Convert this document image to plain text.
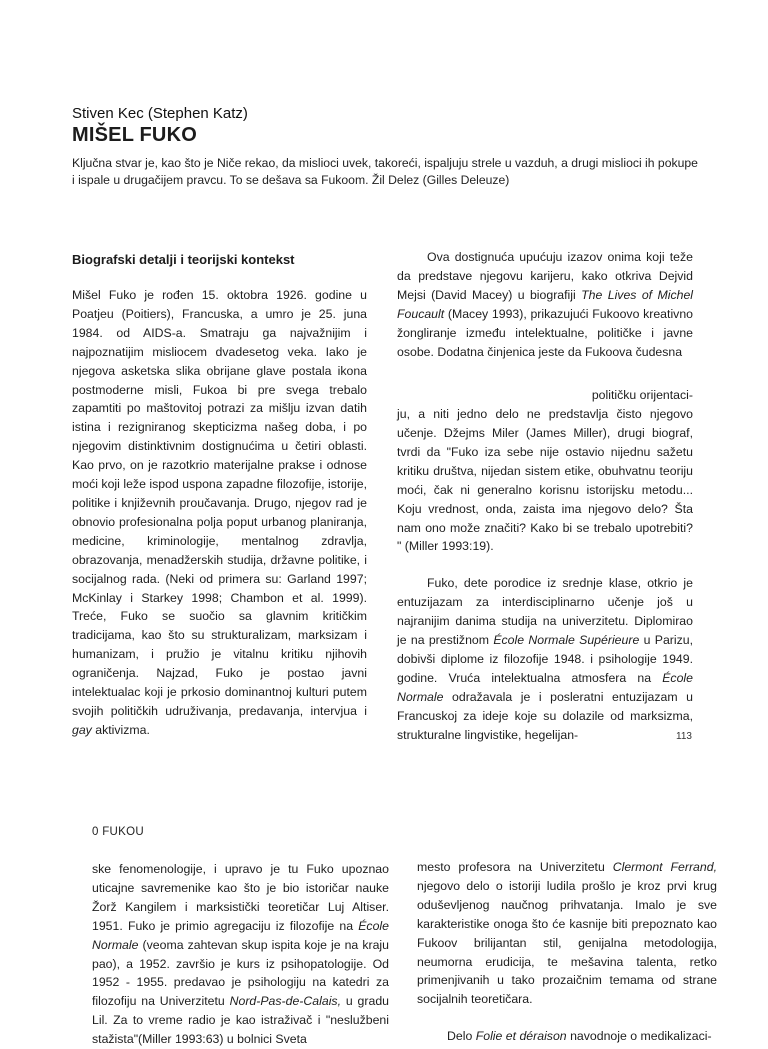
Stiven Kec (Stephen Katz)
MIŠEL FUKO
Ključna stvar je, kao što je Niče rekao, da mislioci uvek, takoreći, ispaljuju strele u vazduh, a drugi mislioci ih pokupe i ispale u drugačijem pravcu. To se dešava sa Fukoom. Žil Delez (Gilles Deleuze)
Biografski detalji i teorijski kontekst

Mišel Fuko je rođen 15. oktobra 1926. godine u Poatjeu (Poitiers), Francuska, a umro je 25. juna 1984. od AIDS-a. Smatraju ga najvažnijim i najpoznatijim misliocem dvadesetog veka. Iako je njegova asketska slika obrijane glave postala ikona postmoderne misli, Fukoa bi pre svega trebalo zapamtiti po maštovitoj potrazi za mišlju izvan datih istina i rezigniranog skepticizma našeg doba, i po njegovim distinktivnim dostignućima u četiri oblasti. Kao prvo, on je razotkrio materijalne prakse i odnose moći koji leže ispod uspona zapadne filozofije, istorije, politike i književnih proučavanja. Drugo, njegov rad je obnovio profesionalna polja poput urbanog planiranja, medicine, kriminologije, mentalnog zdravlja, obrazovanja, menadžerskih studija, državne politike, i socijalnog rada. (Neki od primera su: Garland 1997; McKinlay i Starkey 1998; Chambon et al. 1999). Treće, Fuko se suočio sa glavnim kritičkim tradicijama, kao što su strukturalizam, marksizam i humanizam, i pružio je vitalnu kritiku njihovih ograničenja. Najzad, Fuko je postao javni intelektualac koji je prkosio dominantnoj kulturi putem svojih političkih udruživanja, predavanja, intervjua i gay aktivizma.

Ova dostignuća upućuju izazov onima koji teže da predstave njegovu karijeru, kako otkriva Dejvid Mejsi (David Macey) u biografiji The Lives of Michel Foucault (Macey 1993), prikazujući Fukoovo kreativno žongliranje između intelektualne, političke i javne osobe. Dodatna činjenica jeste da Fukoova čudesna

političku orijentaci-

ju, a niti jedno delo ne predstavlja čisto njegovo učenje. Džejms Miler (James Miller), drugi biograf, tvrdi da "Fuko iza sebe nije ostavio nijednu sažetu kritiku društva, nijedan sistem etike, obuhvatnu teoriju moći, čak ni generalno korisnu istorijsku metodu... Koju vrednost, onda, zaista ima njegovo delo? Šta nam ono može značiti? Kako bi se trebalo upotrebiti? " (Miller 1993:19).

Fuko, dete porodice iz srednje klase, otkrio je entuzijazam za interdisciplinarno učenje još u najranijim danima studija na univerzitetu. Diplomirao je na prestižnom École Normale Supérieure u Parizu, dobivši diplome iz filozofije 1948. i psihologije 1949. godine. Vruća intelektualna atmosfera na École Normale odražavala je i posleratni entuzijazam u Francuskoj za ideje koje su dolazile od marksizma, strukturalne lingvistike, hegelijan-	113
0 FUKOU

ske fenomenologije, i upravo je tu Fuko upoznao uticajne savremenike kao što je bio istoričar nauke Žorž Kangilem i marksistički teoretičar Luj Altiser. 1951. Fuko je primio agregaciju iz filozofije na École Normale (veoma zahtevan skup ispita koje je na kraju pao), a 1952. završio je kurs iz psihopatologije. Od 1952 - 1955. predavao je psihologiju na katedri za filozofiju na Univerzitetu Nord-Pas-de-Calais, u gradu Lil. Za to vreme radio je kao istraživač i "neslužbeni stažista"(Miller 1993:63) u bolnici Sveta

mesto profesora na Univerzitetu Clermont Ferrand, njegovo delo o istoriji ludila prošlo je kroz prvi krug oduševljenog naučnog prihvatanja. Imalo je sve karakteristike onoga što će kasnije biti prepoznato kao Fukoov brilijantan stil, genijalna metodologija, neumorna erudicija, te mešavina talenta, retko primenjivanih u tako prozaičnim temama od strane socijalnih teoretičara.

Delo Folie et déraison navodnoje o medikalizaci-
